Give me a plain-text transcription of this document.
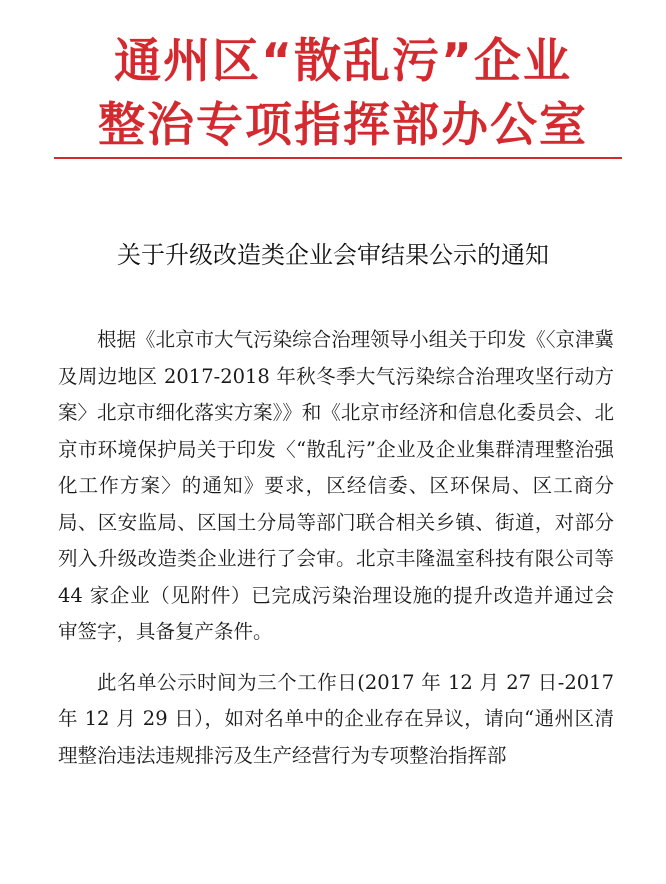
通州区“散乱污”企业
整治专项指挥部办公室
关于升级改造类企业会审结果公示的通知

根据《北京市大气污染综合治理领导小组关于印发《〈京津冀及周边地区 2017-2018 年秋冬季大气污染综合治理攻坚行动方案〉北京市细化落实方案》》和《北京市经济和信息化委员会、北京市环境保护局关于印发〈“散乱污”企业及企业集群清理整治强化工作方案〉的通知》要求，区经信委、区环保局、区工商分局、区安监局、区国土分局等部门联合相关乡镇、街道，对部分列入升级改造类企业进行了会审。北京丰隆温室科技有限公司等 44 家企业（见附件）已完成污染治理设施的提升改造并通过会审签字，具备复产条件。

此名单公示时间为三个工作日(2017 年 12 月 27 日-2017 年 12 月 29 日），如对名单中的企业存在异议，请向“通州区清理整治违法违规排污及生产经营行为专项整治指挥部
